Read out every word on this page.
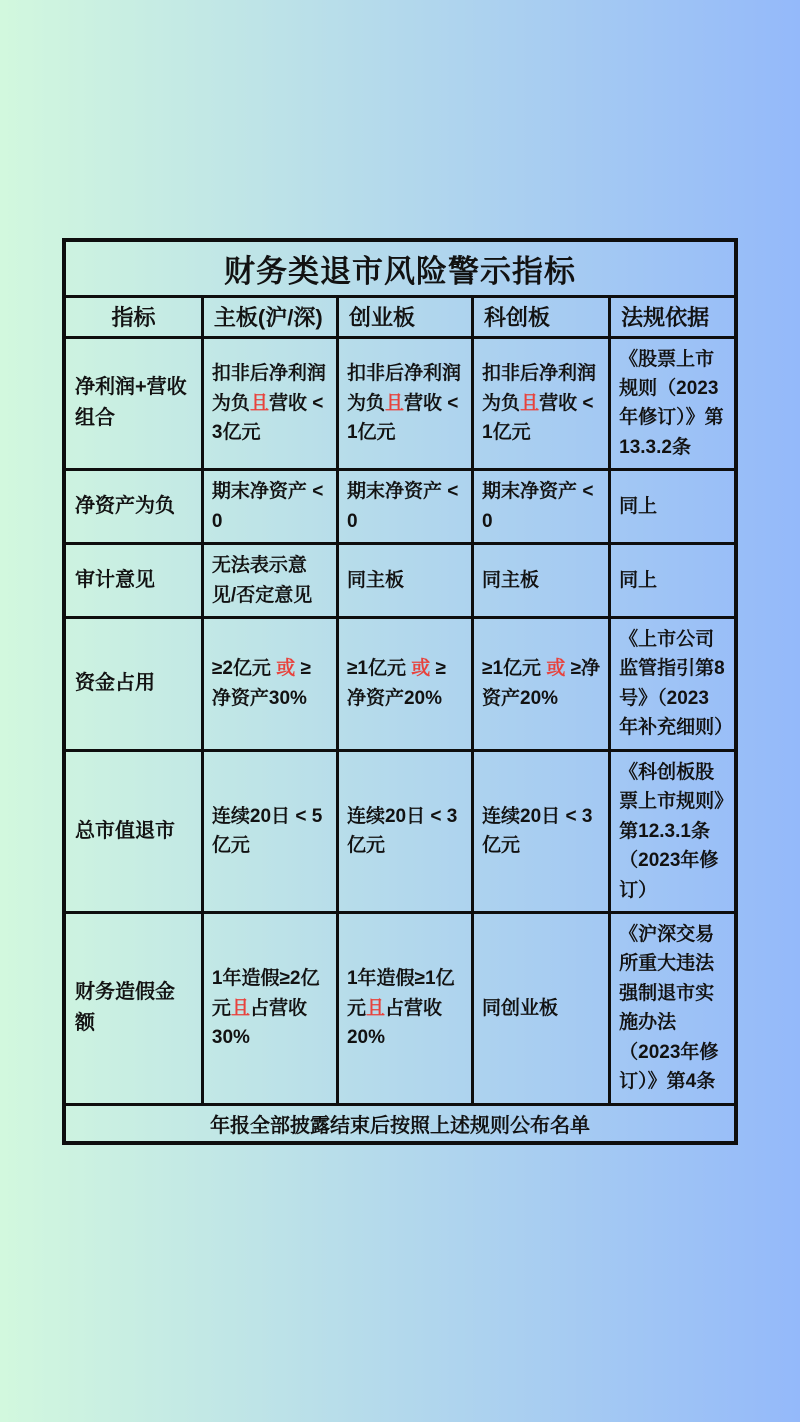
财务类退市风险警示指标				
指标	主板(沪/深)	创业板	科创板	法规依据
净利润+营收组合	扣非后净利润为负且营收 < 3亿元	扣非后净利润为负且营收 < 1亿元	扣非后净利润为负且营收 < 1亿元	《股票上市规则（2023年修订）》第13.3.2条
净资产为负	期末净资产 < 0	期末净资产 < 0	期末净资产 < 0	同上
审计意见	无法表示意见/否定意见	同主板	同主板	同上
资金占用	≥2亿元 或 ≥净资产30%	≥1亿元 或 ≥净资产20%	≥1亿元 或 ≥净资产20%	《上市公司监管指引第8号》（2023年补充细则）
总市值退市	连续20日 < 5亿元	连续20日 < 3亿元	连续20日 < 3亿元	《科创板股票上市规则》第12.3.1条（2023年修订）
财务造假金额	1年造假≥2亿元且占营收30%	1年造假≥1亿元且占营收20%	同创业板	《沪深交易所重大违法强制退市实施办法（2023年修订）》第4条
年报全部披露结束后按照上述规则公布名单				
